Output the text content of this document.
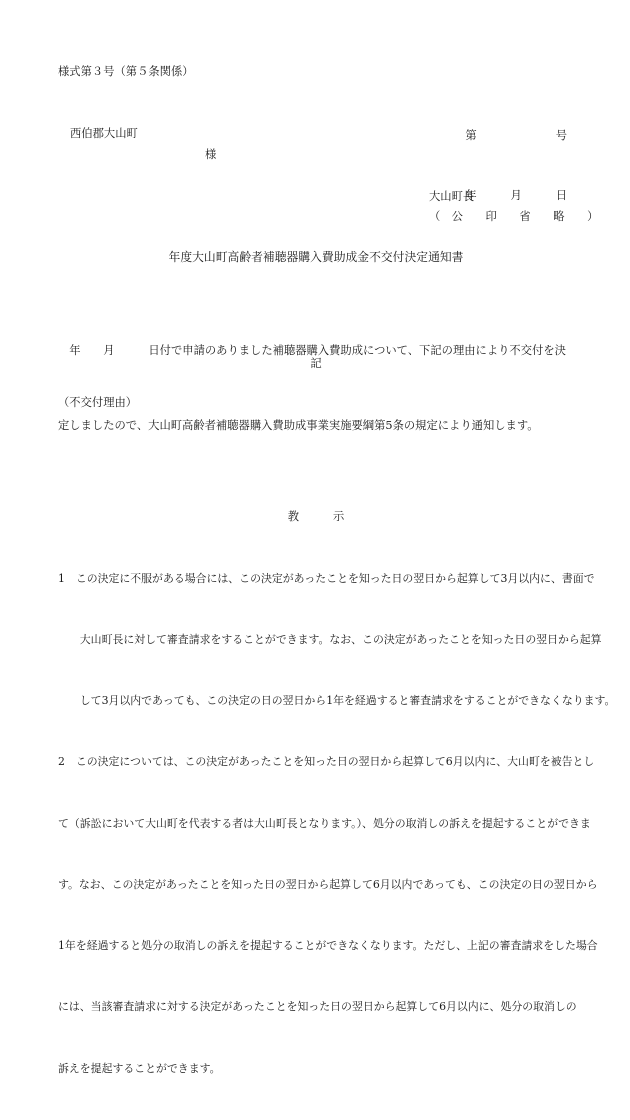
様式第３号（第５条関係）

第　　　　　　　号

年　　　月　　　日

西伯郡大山町
様
大山町長
（　公　　印　　省　　略　　）
年度大山町高齢者補聴器購入費助成金不交付決定通知書

　年　　月　　　日付で申請のありました補聴器購入費助成について、下記の理由により不交付を決

定しましたので、大山町高齢者補聴器購入費助成事業実施要綱第5条の規定により通知します。

記
（不交付理由）
教　　　示

1　この決定に不服がある場合には、この決定があったことを知った日の翌日から起算して3月以内に、書面で

　　大山町長に対して審査請求をすることができます。なお、この決定があったことを知った日の翌日から起算

　　して3月以内であっても、この決定の日の翌日から1年を経過すると審査請求をすることができなくなります。

2　この決定については、この決定があったことを知った日の翌日から起算して6月以内に、大山町を被告とし

て（訴訟において大山町を代表する者は大山町長となります。）、処分の取消しの訴えを提起することができま

す。なお、この決定があったことを知った日の翌日から起算して6月以内であっても、この決定の日の翌日から

1年を経過すると処分の取消しの訴えを提起することができなくなります。ただし、上記の審査請求をした場合

には、当該審査請求に対する決定があったことを知った日の翌日から起算して6月以内に、処分の取消しの

訴えを提起することができます。
